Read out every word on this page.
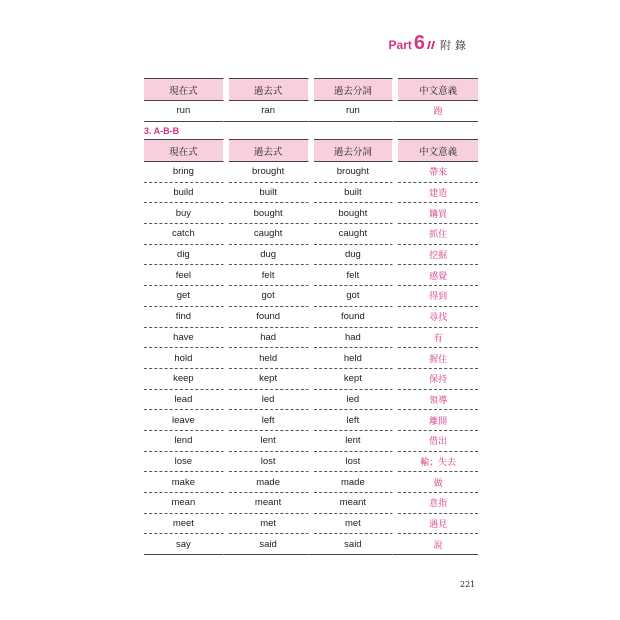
Part 6 附錄
現在式		過去式		過去分詞		中文意義
run		ran		run		跑
3. A-B-B
現在式		過去式		過去分詞		中文意義
bring		brought		brought		帶來
build		built		built		建造
buy		bought		bought		購買
catch		caught		caught		抓住
dig		dug		dug		挖掘
feel		felt		felt		感覺
get		got		got		得到
find		found		found		尋找
have		had		had		有
hold		held		held		握住
keep		kept		kept		保持
lead		led		led		領導
leave		left		left		離開
lend		lent		lent		借出
lose		lost		lost		輸；失去
make		made		made		做
mean		meant		meant		意指
meet		met		met		遇見
say		said		said		說
221
